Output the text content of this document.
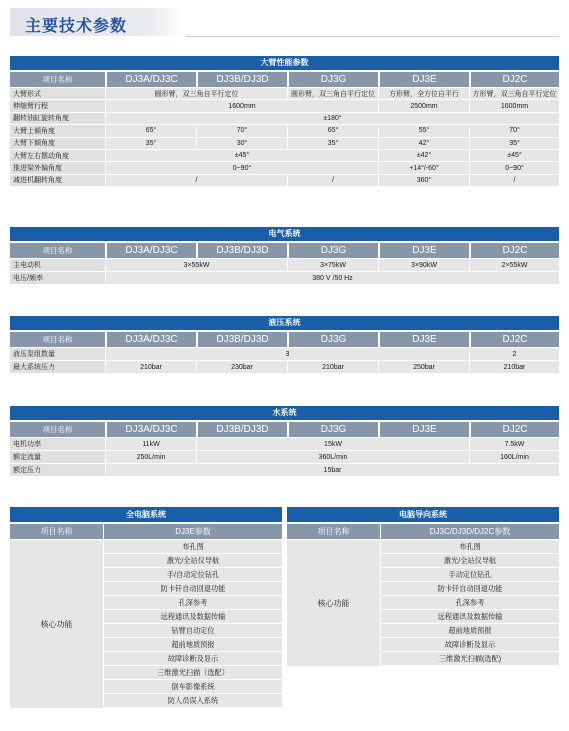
主要技术参数
大臂性能参数
项目名称	DJ3A/DJ3C	DJ3B/DJ3D	DJ3G	DJ3E	DJ2C
大臂形式	圆形臂，双三角自平行定位		圆形臂，双三角自平行定位	方形臂，全方位自平行	方形臂，双三角自平行定位
伸缩臂行程	1600mm			2500mm	1600mm
翻转油缸旋转角度	±180°				
大臂上倾角度	65°	70°	65°	55°	70°
大臂下倾角度	35°	30°	35°	42°	35°
大臂左右摆动角度	±45°			±42°	±45°
推进梁外偏角度	0~90°			+14°/-60°	0~90°
减进机翻转角度	/		/	360°	/
电气系统
项目名称	DJ3A/DJ3C	DJ3B/DJ3D	DJ3G	DJ3E	DJ2C
主电动机	3×55kW		3×75kW	3×90kW	2×55kW
电压/频率	380 V /50 Hz				
液压系统
项目名称	DJ3A/DJ3C	DJ3B/DJ3D	DJ3G	DJ3E	DJ2C
液压泵组数量	3				2
最大系统压力	210bar	230bar	210bar	250bar	210bar
水系统
项目名称	DJ3A/DJ3C	DJ3B/DJ3D	DJ3G	DJ3E	DJ2C
电机功率	11kW	15kW			7.5kW
额定流量	250L/min	360L/min			160L/min
额定压力	15bar				
全电脑系统
项目名称	DJ3E参数
核心功能
布孔图
激光/全站仪导航
手/自动定位钻孔
防卡钎自动回退功能
孔深参考
远程通讯及数据传输
钻臂自动定位
超前地质预报
故障诊断及显示
三维激光扫描（选配）
倒车影像系统
防人员误入系统
电脑导向系统
项目名称	DJ3C/DJ3D/DJ2C参数
核心功能
布孔图
激光/全站仪导航
手动定位钻孔
防卡钎自动回退功能
孔深参考
远程通讯及数据传输
超前地质预报
故障诊断及显示
三维激光扫描(选配)
